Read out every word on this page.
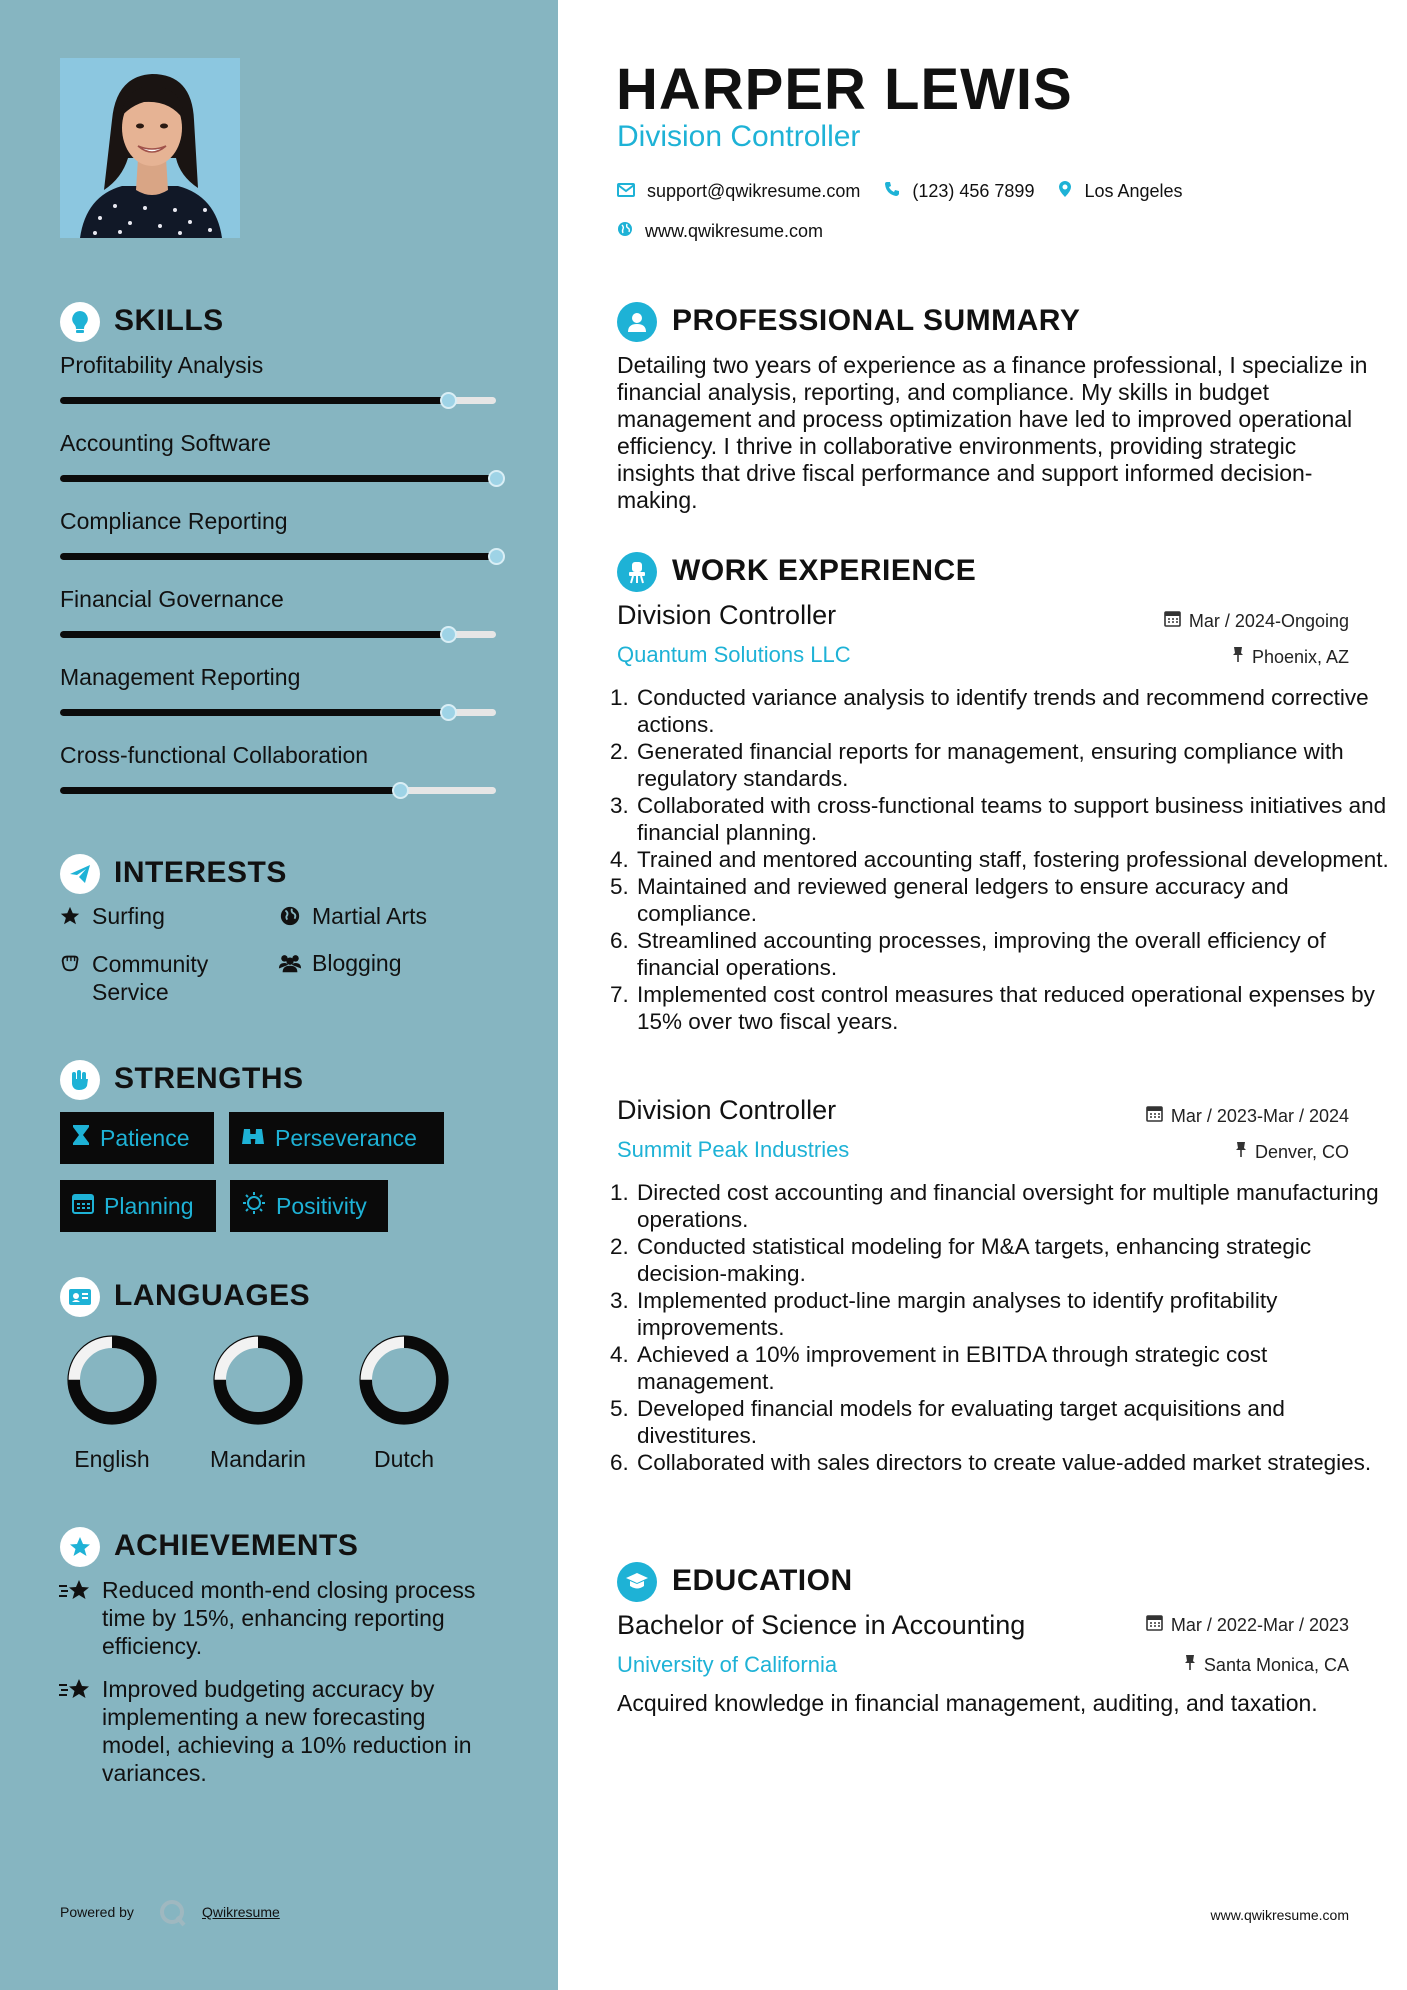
SKILLS
Profitability Analysis
Accounting Software
Compliance Reporting
Financial Governance
Management Reporting
Cross-functional Collaboration
INTERESTS
Surfing	Martial Arts
Community Service
Blogging
STRENGTHS
Patience	Perseverance
Planning	Positivity
LANGUAGES
English	Mandarin	Dutch
ACHIEVEMENTS
Reduced month-end closing process time by 15%, enhancing reporting efficiency.
Improved budgeting accuracy by implementing a new forecasting model, achieving a 10% reduction in variances.
Powered by	Qwikresume
HARPER LEWIS
Division Controller
support@qwikresume.com	(123) 456 7899	Los Angeles
www.qwikresume.com
PROFESSIONAL SUMMARY
Detailing two years of experience as a finance professional, I specialize in financial analysis, reporting, and compliance. My skills in budget management and process optimization have led to improved operational efficiency. I thrive in collaborative environments, providing strategic insights that drive fiscal performance and support informed decision-making.
WORK EXPERIENCE
Division Controller	Mar / 2024-Ongoing
Quantum Solutions LLC	Phoenix, AZ
1. Conducted variance analysis to identify trends and recommend corrective actions.
2. Generated financial reports for management, ensuring compliance with regulatory standards.
3. Collaborated with cross-functional teams to support business initiatives and financial planning.
4. Trained and mentored accounting staff, fostering professional development.
5. Maintained and reviewed general ledgers to ensure accuracy and compliance.
6. Streamlined accounting processes, improving the overall efficiency of financial operations.
7. Implemented cost control measures that reduced operational expenses by 15% over two fiscal years.
Division Controller	Mar / 2023-Mar / 2024
Summit Peak Industries	Denver, CO
1. Directed cost accounting and financial oversight for multiple manufacturing operations.
2. Conducted statistical modeling for M&A targets, enhancing strategic decision-making.
3. Implemented product-line margin analyses to identify profitability improvements.
4. Achieved a 10% improvement in EBITDA through strategic cost management.
5. Developed financial models for evaluating target acquisitions and divestitures.
6. Collaborated with sales directors to create value-added market strategies.
EDUCATION
Bachelor of Science in Accounting	Mar / 2022-Mar / 2023
University of California	Santa Monica, CA
Acquired knowledge in financial management, auditing, and taxation.
www.qwikresume.com
